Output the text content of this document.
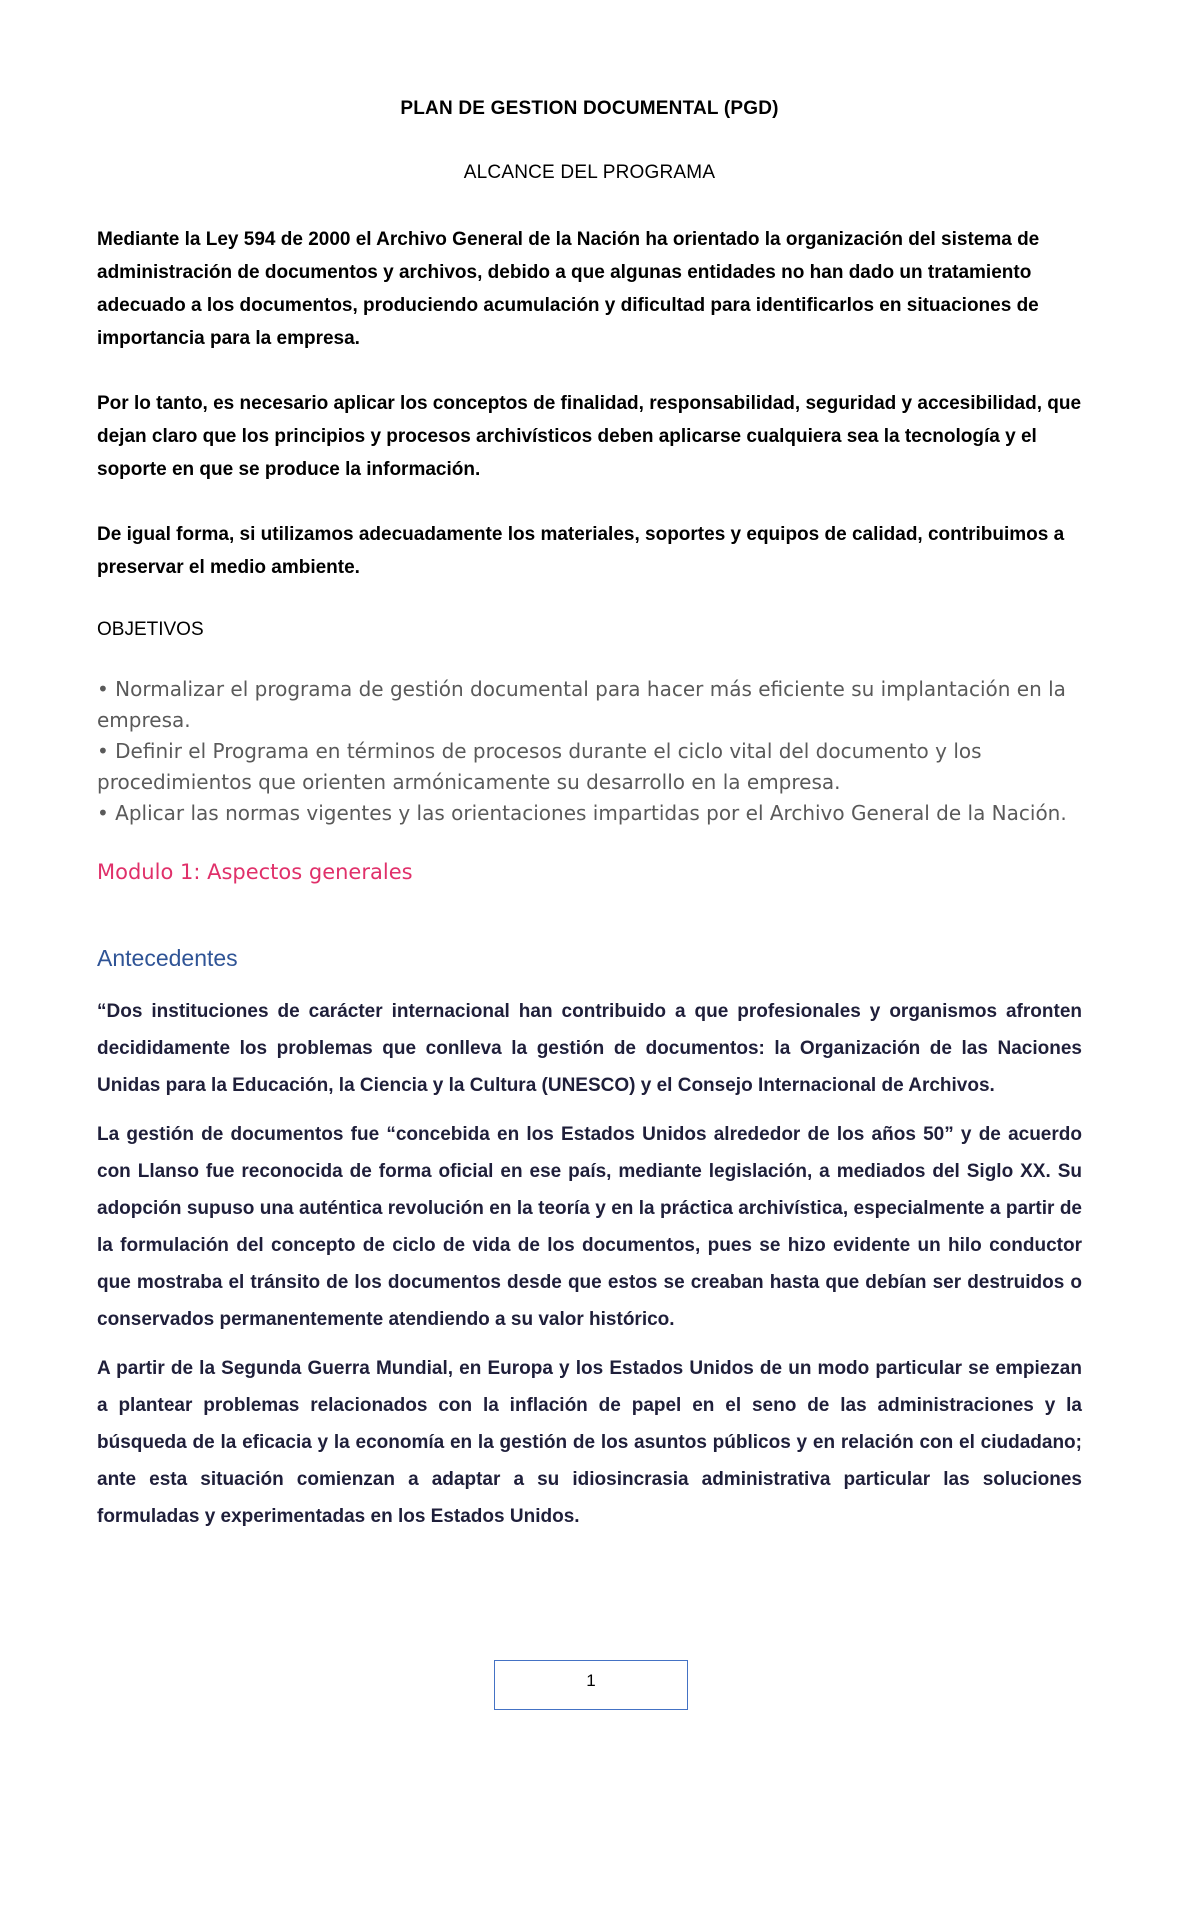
PLAN DE GESTION DOCUMENTAL (PGD)
ALCANCE DEL PROGRAMA

Mediante la Ley 594 de 2000 el Archivo General de la Nación ha orientado la organización del sistema de administración de documentos y archivos, debido a que algunas entidades no han dado un tratamiento adecuado a los documentos, produciendo acumulación y dificultad para identificarlos en situaciones de importancia para la empresa.

Por lo tanto, es necesario aplicar los conceptos de finalidad, responsabilidad, seguridad y accesibilidad, que dejan claro que los principios y procesos archivísticos deben aplicarse cualquiera sea la tecnología y el soporte en que se produce la información.

De igual forma, si utilizamos adecuadamente los materiales, soportes y equipos de calidad, contribuimos a preservar el medio ambiente.

OBJETIVOS
• Normalizar el programa de gestión documental para hacer más eficiente su implantación en la empresa.
• Definir el Programa en términos de procesos durante el ciclo vital del documento y los procedimientos que orienten armónicamente su desarrollo en la empresa.
• Aplicar las normas vigentes y las orientaciones impartidas por el Archivo General de la Nación.
Modulo 1: Aspectos generales
Antecedentes

“Dos instituciones de carácter internacional han contribuido a que profesionales y organismos afronten decididamente los problemas que conlleva la gestión de documentos: la Organización de las Naciones Unidas para la Educación, la Ciencia y la Cultura (UNESCO) y el Consejo Internacional de Archivos.

La gestión de documentos fue “concebida en los Estados Unidos alrededor de los años 50” y de acuerdo con Llanso fue reconocida de forma oficial en ese país, mediante legislación, a mediados del Siglo XX. Su adopción supuso una auténtica revolución en la teoría y en la práctica archivística, especialmente a partir de la formulación del concepto de ciclo de vida de los documentos, pues se hizo evidente un hilo conductor que mostraba el tránsito de los documentos desde que estos se creaban hasta que debían ser destruidos o conservados permanentemente atendiendo a su valor histórico.

A partir de la Segunda Guerra Mundial, en Europa y los Estados Unidos de un modo particular se empiezan a plantear problemas relacionados con la inflación de papel en el seno de las administraciones y la búsqueda de la eficacia y la economía en la gestión de los asuntos públicos y en relación con el ciudadano; ante esta situación comienzan a adaptar a su idiosincrasia administrativa particular las soluciones formuladas y experimentadas en los Estados Unidos.

1
